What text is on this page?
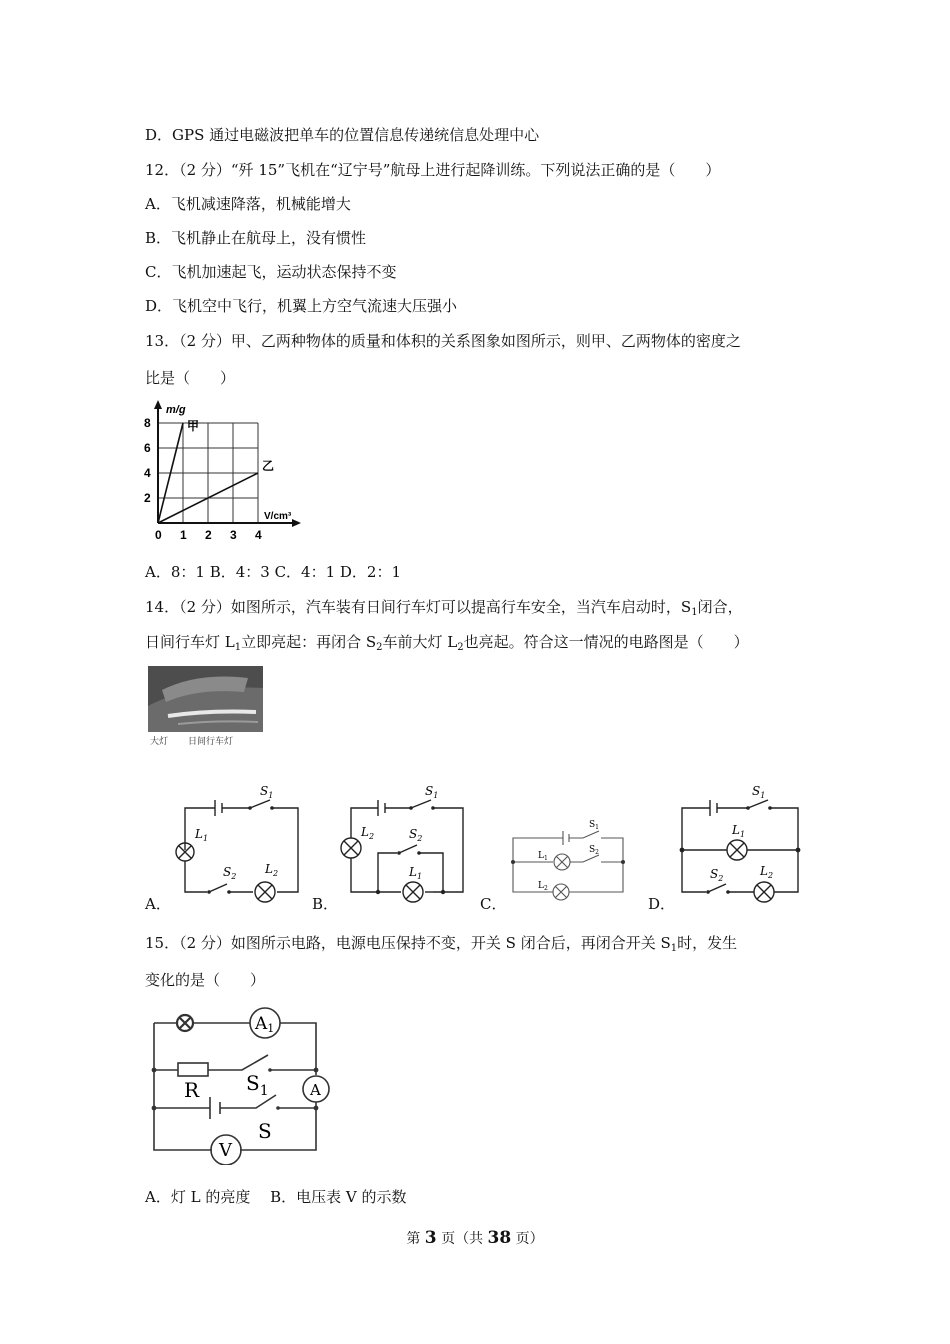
D．GPS 通过电磁波把单车的位置信息传递统信息处理中心
12．（2 分）“歼 15”飞机在“辽宁号”航母上进行起降训练。下列说法正确的是（　　）
A．飞机减速降落，机械能增大
B．飞机静止在航母上，没有惯性
C．飞机加速起飞，运动状态保持不变
D．飞机空中飞行，机翼上方空气流速大压强小
13．（2 分）甲、乙两种物体的质量和体积的关系图象如图所示，则甲、乙两物体的密度之
比是（　　）
甲
乙
0 1 2 3 4
2
4
6
8
m/g
V/cm³
A．8：1 B．4：3 C．4：1 D．2：1
14．（2 分）如图所示，汽车装有日间行车灯可以提高行车安全，当汽车启动时，$S_1$闭合，
日间行车灯 $L_1$立即亮起：再闭合 $S_2$车前大灯 $L_2$也亮起。符合这一情况的电路图是（　　）
大灯 日间行车灯
$S_1$
$L_1$
$S_2$
$L_2$
$S_1$
$L_2$	$S_2$
$L_1$
$S_1$
$S_2$
$L_1$
$L_2$
$S_1$
$L_1$
$S_2$
$L_2$
A．	B．	C．	D．
15．（2 分）如图所示电路，电源电压保持不变，开关 S 闭合后，再闭合开关 $S_1$时，发生
变化的是（　　）
A1
R $S_1$	A
S
V
A．灯 L 的亮度　 B．电压表 V 的示数
第 3 页（共 38 页）
